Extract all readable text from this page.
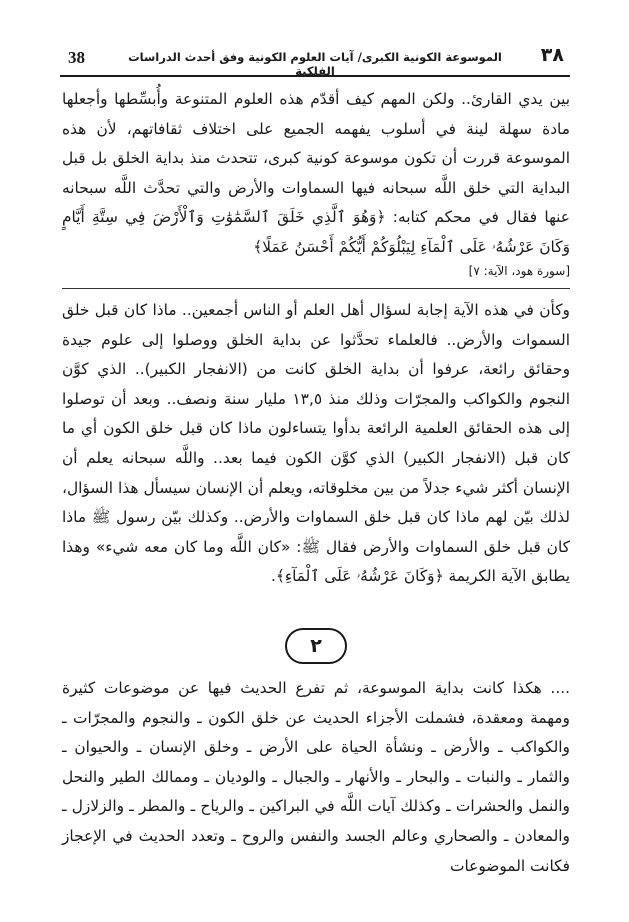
38	الموسوعة الكونية الكبرى/ آيات العلوم الكونية وفق أحدث الدراسات الفلكية
٣٨
بين يدي القارئ.. ولكن المهم كيف أقدّم هذه العلوم المتنوعة وأُبسِّطها وأجعلها مادة سهلة لينة في أسلوب يفهمه الجميع على اختلاف ثقافاتهم، لأن هذه الموسوعة قررت أن تكون موسوعة كونية كبرى، تتحدث منذ بداية الخلق بل قبل البداية التي خلق اللَّه سبحانه فيها السماوات والأرض والتي تحدَّث اللَّه سبحانه عنها فقال في محكم كتابه: ﴿وَهُوَ ٱلَّذِي خَلَقَ ٱلسَّمَٰوَٰتِ وَٱلْأَرْضَ فِي سِتَّةِ أَيَّامٍ وَكَانَ عَرْشُهُۥ عَلَى ٱلْمَآءِ لِيَبْلُوَكُمْ أَيُّكُمْ أَحْسَنُ عَمَلًا﴾
[سورة هود، الآية: ٧]
وكأن في هذه الآية إجابة لسؤال أهل العلم أو الناس أجمعين.. ماذا كان قبل خلق السموات والأرض.. فالعلماء تحدَّثوا عن بداية الخلق ووصلوا إلى علوم جيدة وحقائق رائعة، عرفوا أن بداية الخلق كانت من (الانفجار الكبير).. الذي كوَّن النجوم والكواكب والمجرّات وذلك منذ ١٣,٥ مليار سنة ونصف.. وبعد أن توصلوا إلى هذه الحقائق العلمية الرائعة بدأوا يتساءلون ماذا كان قبل خلق الكون أي ما كان قبل (الانفجار الكبير) الذي كوَّن الكون فيما بعد.. واللَّه سبحانه يعلم أن الإنسان أكثر شيء جدلاً من بين مخلوقاته، ويعلم أن الإنسان سيسأل هذا السؤال، لذلك بيّن لهم ماذا كان قبل خلق السماوات والأرض.. وكذلك بيّن رسول ﷺ ماذا كان قبل خلق السماوات والأرض فقال ﷺ: «كان اللَّه وما كان معه شيء» وهذا يطابق الآية الكريمة ﴿وَكَانَ عَرْشُهُۥ عَلَى ٱلْمَآءِ﴾.
٢
.... هكذا كانت بداية الموسوعة، ثم تفرع الحديث فيها عن موضوعات كثيرة ومهمة ومعقدة، فشملت الأجزاء الحديث عن خلق الكون ـ والنجوم والمجرّات ـ والكواكب ـ والأرض ـ ونشأة الحياة على الأرض ـ وخلق الإنسان ـ والحيوان ـ والثمار ـ والنبات ـ والبحار ـ والأنهار ـ والجبال ـ والوديان ـ وممالك الطير والنحل والنمل والحشرات ـ وكذلك آيات اللَّه في البراكين ـ والرياح ـ والمطر ـ والزلازل ـ والمعادن ـ والصحاري وعالم الجسد والنفس والروح ـ وتعدد الحديث في الإعجاز فكانت الموضوعات
